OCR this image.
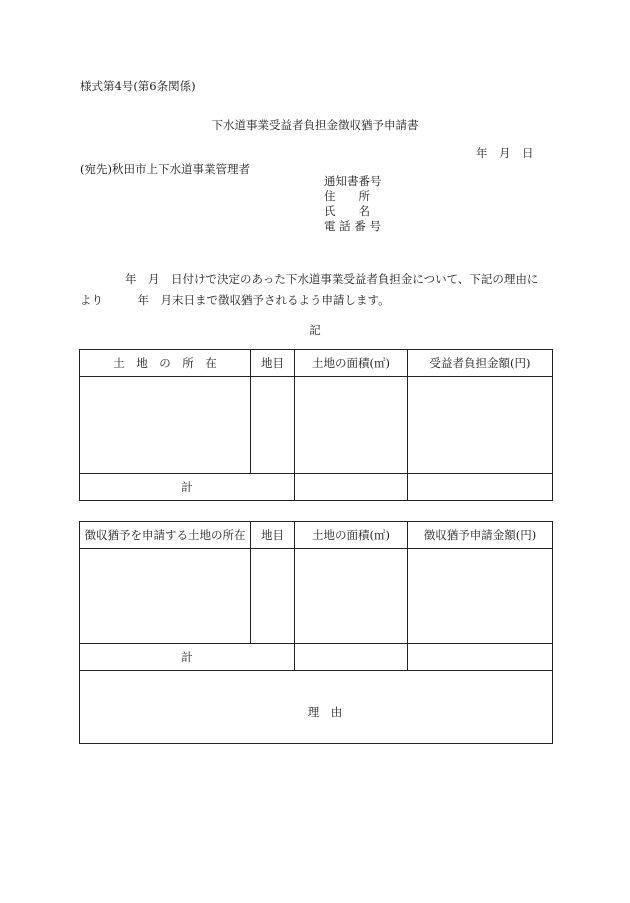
様式第4号(第6条関係)
下水道事業受益者負担金徴収猶予申請書
年　月　日
(宛先)秋田市上下水道事業管理者
通知書番号
住　　所
氏　　名
電 話 番 号
年　月　日付けで決定のあった下水道事業受益者負担金について、下記の理由に
より　　　年　月末日まで徴収猶予されるよう申請します。
記
土　地　の　所　在	地目	土地の面積(㎡)	受益者負担金額(円)

計			
徴収猶予を申請する土地の所在	地目	土地の面積(㎡)	徴収猶予申請金額(円)

計			
理　由			
